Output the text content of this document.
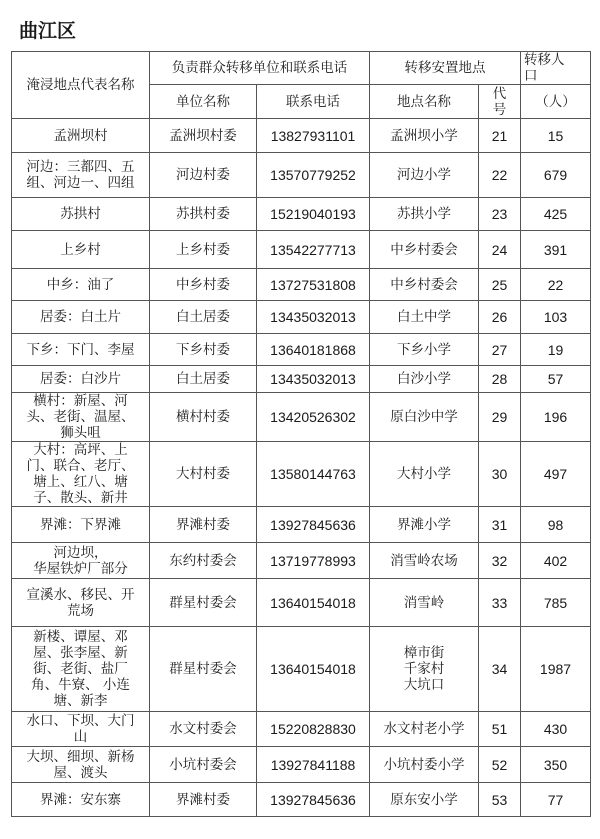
曲江区
淹浸地点代表名称	负责群众转移单位和联系电话		转移安置地点		转移人
口
	单位名称	联系电话	地点名称	代
号	（人）
孟洲坝村	孟洲坝村委	13827931101	孟洲坝小学	21	15
河边：三都四、五
组、河边一、四组	河边村委	13570779252	河边小学	22	679
苏拱村	苏拱村委	15219040193	苏拱小学	23	425
上乡村	上乡村委	13542277713	中乡村委会	24	391
中乡：油了	中乡村委	13727531808	中乡村委会	25	22
居委：白土片	白土居委	13435032013	白土中学	26	103
下乡：下门、李屋	下乡村委	13640181868	下乡小学	27	19
居委：白沙片	白土居委	13435032013	白沙小学	28	57
横村：新屋、河
头、老街、温屋、
狮头咀	横村村委	13420526302	原白沙中学	29	196
大村：高坪、上
门、联合、老厅、
塘上、红八、塘
子、散头、新井	大村村委	13580144763	大村小学	30	497
界滩：下界滩	界滩村委	13927845636	界滩小学	31	98
河边坝，
华屋铁炉厂部分	东约村委会	13719778993	消雪岭农场	32	402
宣溪水、移民、开
荒场	群星村委会	13640154018	消雪岭	33	785
新楼、谭屋、邓
屋、张李屋、新
街、老街、盐厂
角、牛寮、 小连
塘、新李	群星村委会	13640154018	樟市街
千家村
大坑口	34	1987
水口、下坝、大门
山	水文村委会	15220828830	水文村老小学	51	430
大坝、细坝、新杨
屋、渡头	小坑村委会	13927841188	小坑村委小学	52	350
界滩：安东寨	界滩村委	13927845636	原东安小学	53	77
